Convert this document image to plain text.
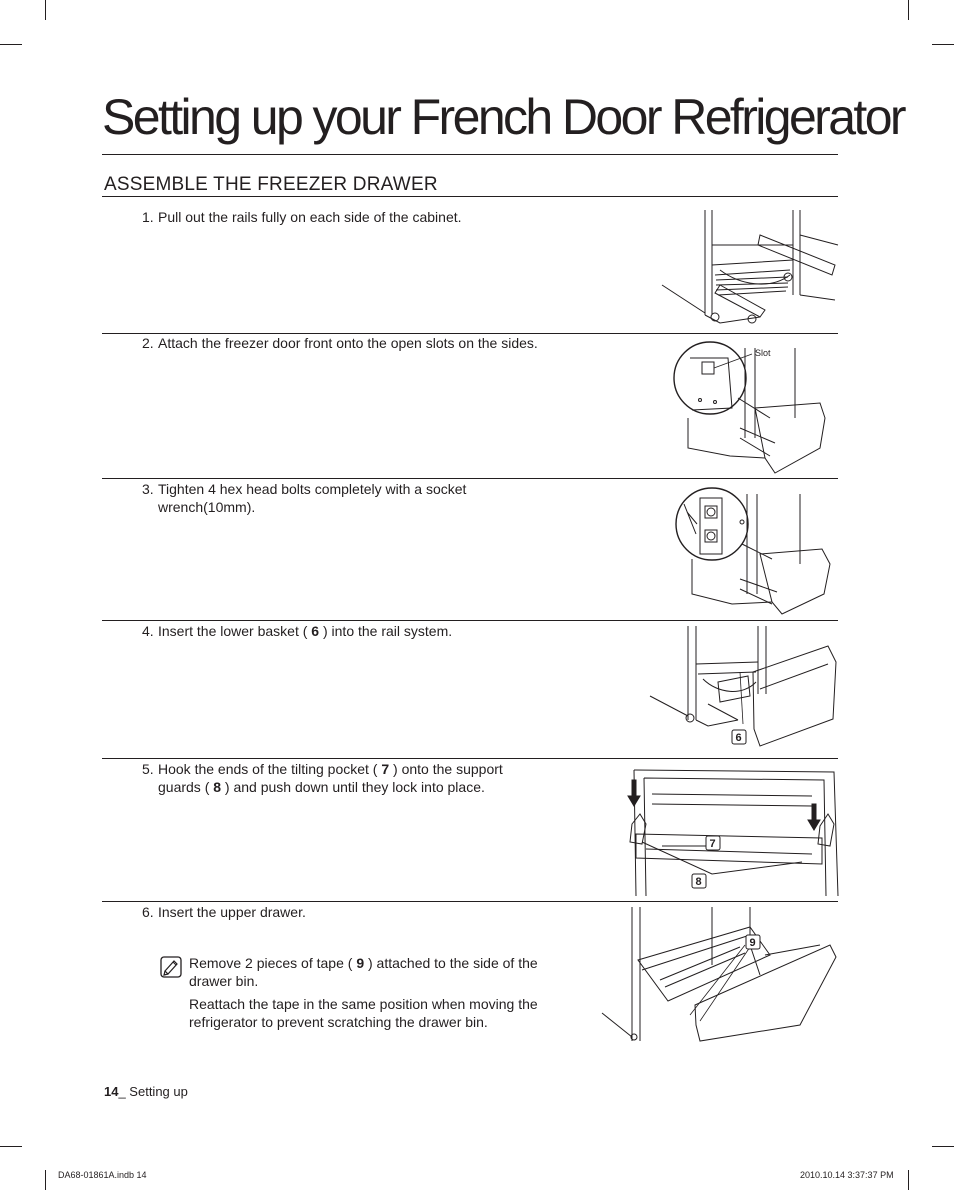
Setting up your French Door Refrigerator
ASSEMBLE THE FREEZER DRAWER
1. Pull out the rails fully on each side of the cabinet.
2. Attach the freezer door front onto the open slots on the sides.
3. Tighten 4 hex head bolts completely with a socket
wrench(10mm).
4. Insert the lower basket ( 6 ) into the rail system.
5. Hook the ends of the tilting pocket ( 7 ) onto the support
guards ( 8 ) and push down until they lock into place.
6. Insert the upper drawer.
Remove 2 pieces of tape ( 9 ) attached to the side of the drawer bin.
Reattach the tape in the same position when moving the refrigerator to prevent scratching the drawer bin.
Slot
6
7
8
9
14_ Setting up
DA68-01861A.indb 14	2010.10.14 3:37:37 PM
